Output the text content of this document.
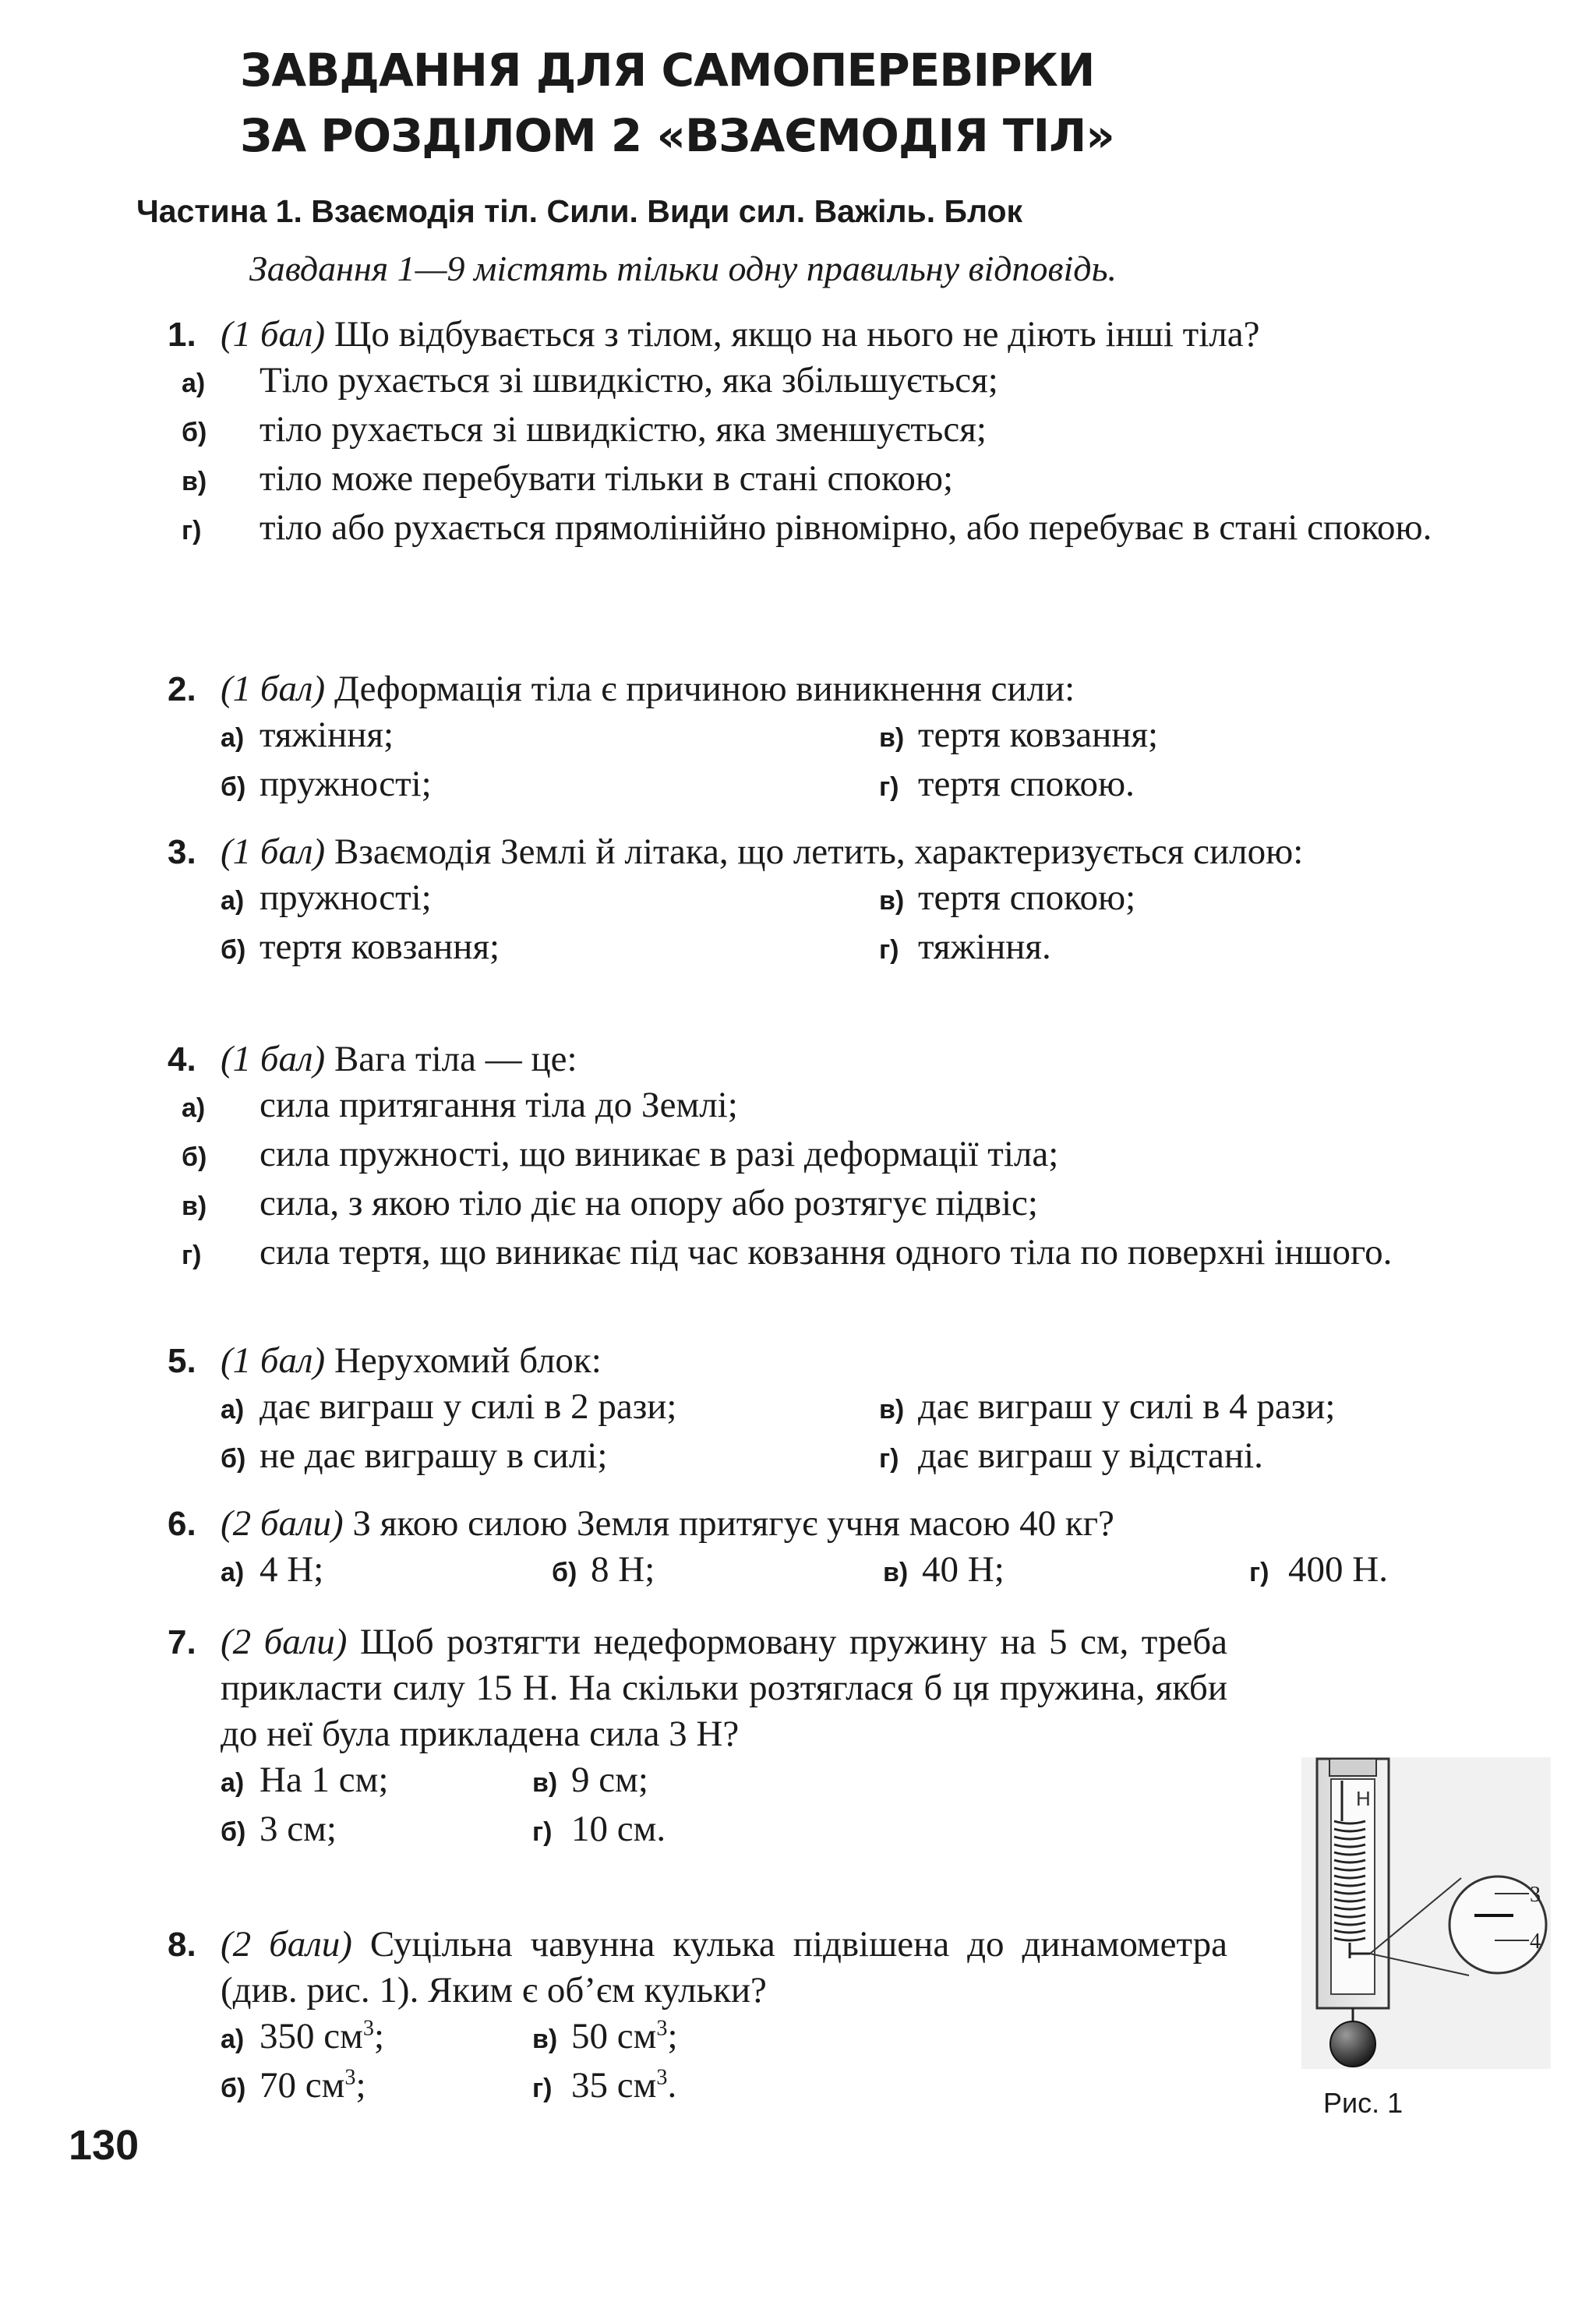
ЗАВДАННЯ ДЛЯ САМОПЕРЕВІРКИ
ЗА РОЗДІЛОМ 2 «ВЗАЄМОДІЯ ТІЛ»

Частина 1. Взаємодія тіл. Сили. Види сил. Важіль. Блок

Завдання 1—9 містять тільки одну правильну відповідь.

1. (1 бал) Що відбувається з тілом, якщо на нього не діють інші тіла?
а) Тіло рухається зі швидкістю, яка збільшується;
б) тіло рухається зі швидкістю, яка зменшується;
в) тіло може перебувати тільки в стані спокою;
г) тіло або рухається прямолінійно рівномірно, або перебуває в стані спокою.
2. (1 бал) Деформація тіла є причиною виникнення сили:
а) тяжіння;	в) тертя ковзання;
б) пружності;	г) тертя спокою.
3. (1 бал) Взаємодія Землі й літака, що летить, характеризується силою:
а) пружності;	в) тертя спокою;
б) тертя ковзання;	г) тяжіння.
4. (1 бал) Вага тіла — це:
а) сила притягання тіла до Землі;
б) сила пружності, що виникає в разі деформації тіла;
в) сила, з якою тіло діє на опору або розтягує підвіс;
г) сила тертя, що виникає під час ковзання одного тіла по поверхні іншого.
5. (1 бал) Нерухомий блок:
а) дає виграш у силі в 2 рази;	в) дає виграш у силі в 4 рази;
б) не дає виграшу в силі;	г) дає виграш у відстані.
6. (2 бали) З якою силою Земля притягує учня масою 40 кг?
а) 4 Н;	б) 8 Н;	в) 40 Н;	г) 400 Н.
7. (2 бали) Щоб розтягти недеформовану пружину на 5 см, треба прикласти силу 15 Н. На скільки розтяглася б ця пружина, якби до неї була прикладена сила 3 Н?
а) На 1 см;	в) 9 см;
б) 3 см;	г) 10 см.
8. (2 бали) Суцільна чавунна кулька підвішена до динамометра (див. рис. 1). Яким є об’єм кульки?
а) 350 $см^3$;	в) 50 $см^3$;
б) 70 $см^3$;	г) 35 $см^3$.
Н
3
4
Рис. 1
130
